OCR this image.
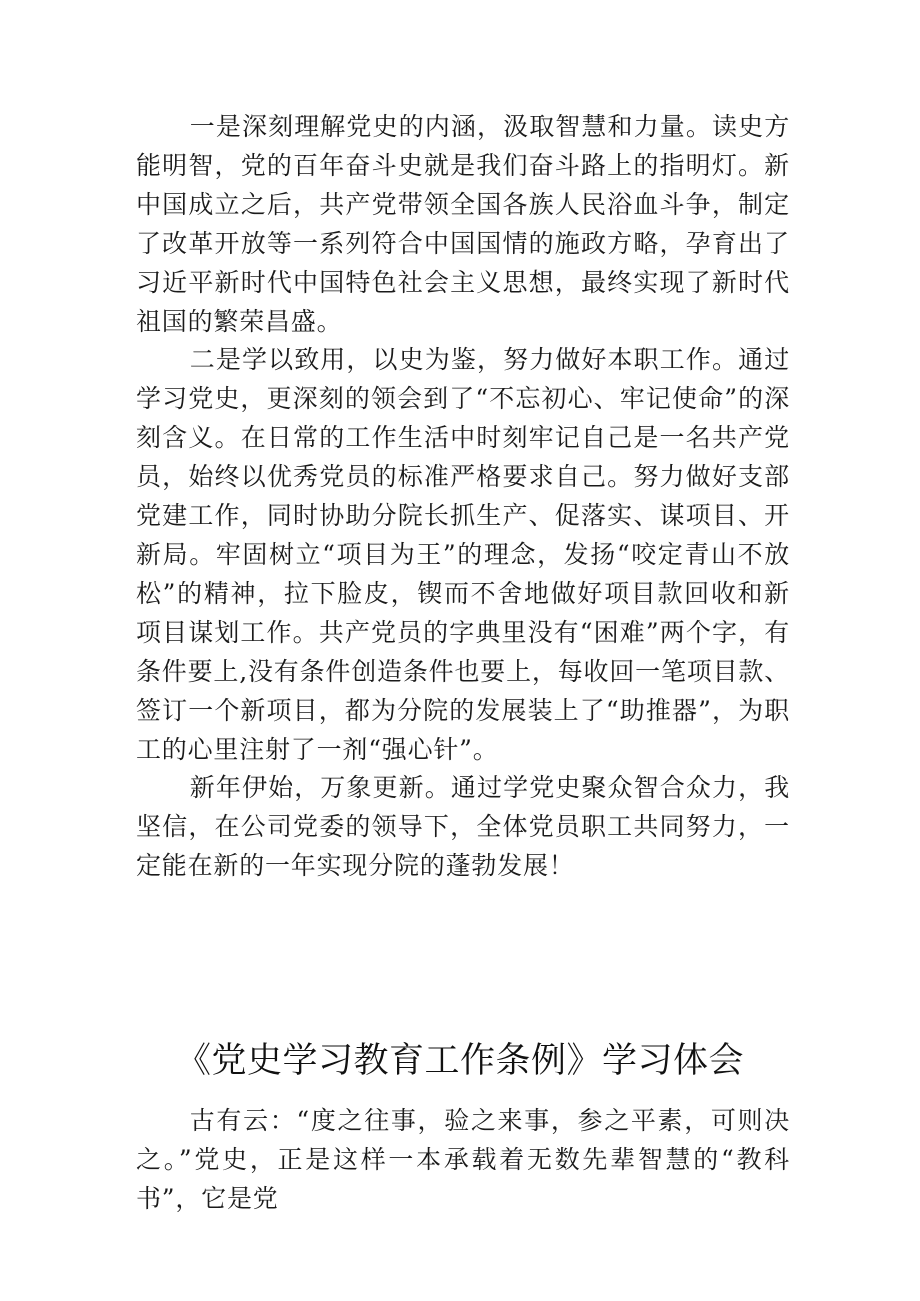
一是深刻理解党史的内涵，汲取智慧和力量。读史方能明智，党的百年奋斗史就是我们奋斗路上的指明灯。新中国成立之后，共产党带领全国各族人民浴血斗争，制定了改革开放等一系列符合中国国情的施政方略，孕育出了习近平新时代中国特色社会主义思想，最终实现了新时代祖国的繁荣昌盛。

二是学以致用，以史为鉴，努力做好本职工作。通过学习党史，更深刻的领会到了“不忘初心、牢记使命”的深刻含义。在日常的工作生活中时刻牢记自己是一名共产党员，始终以优秀党员的标准严格要求自己。努力做好支部党建工作，同时协助分院长抓生产、促落实、谋项目、开新局。牢固树立“项目为王”的理念，发扬“咬定青山不放松”的精神，拉下脸皮，锲而不舍地做好项目款回收和新项目谋划工作。共产党员的字典里没有“困难”两个字，有条件要上,没有条件创造条件也要上，每收回一笔项目款、签订一个新项目，都为分院的发展装上了“助推器”，为职工的心里注射了一剂“强心针”。

新年伊始，万象更新。通过学党史聚众智合众力，我坚信，在公司党委的领导下，全体党员职工共同努力，一定能在新的一年实现分院的蓬勃发展！

《党史学习教育工作条例》学习体会

古有云：“度之往事，验之来事，参之平素，可则决之。”党史，正是这样一本承载着无数先辈智慧的“教科书”，它是党
